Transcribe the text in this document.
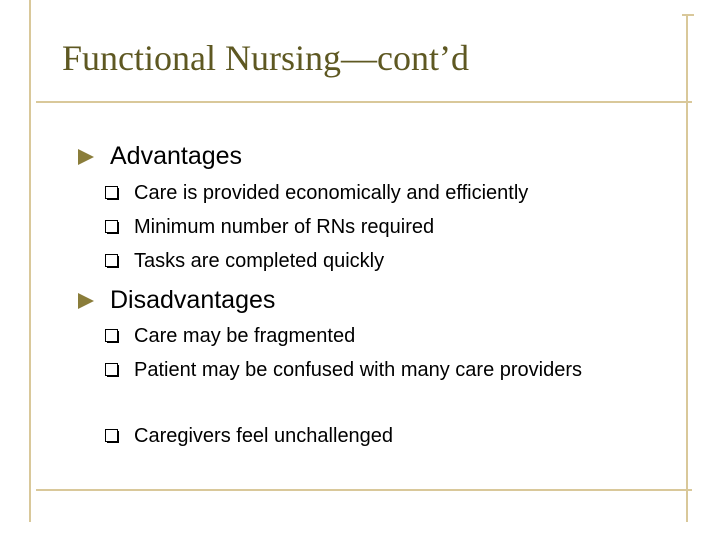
Functional Nursing—cont’d
Advantages
Care is provided economically and efficiently
Minimum number of RNs required
Tasks are completed quickly
Disadvantages
Care may be fragmented
Patient may be confused with many care providers
Caregivers feel unchallenged
